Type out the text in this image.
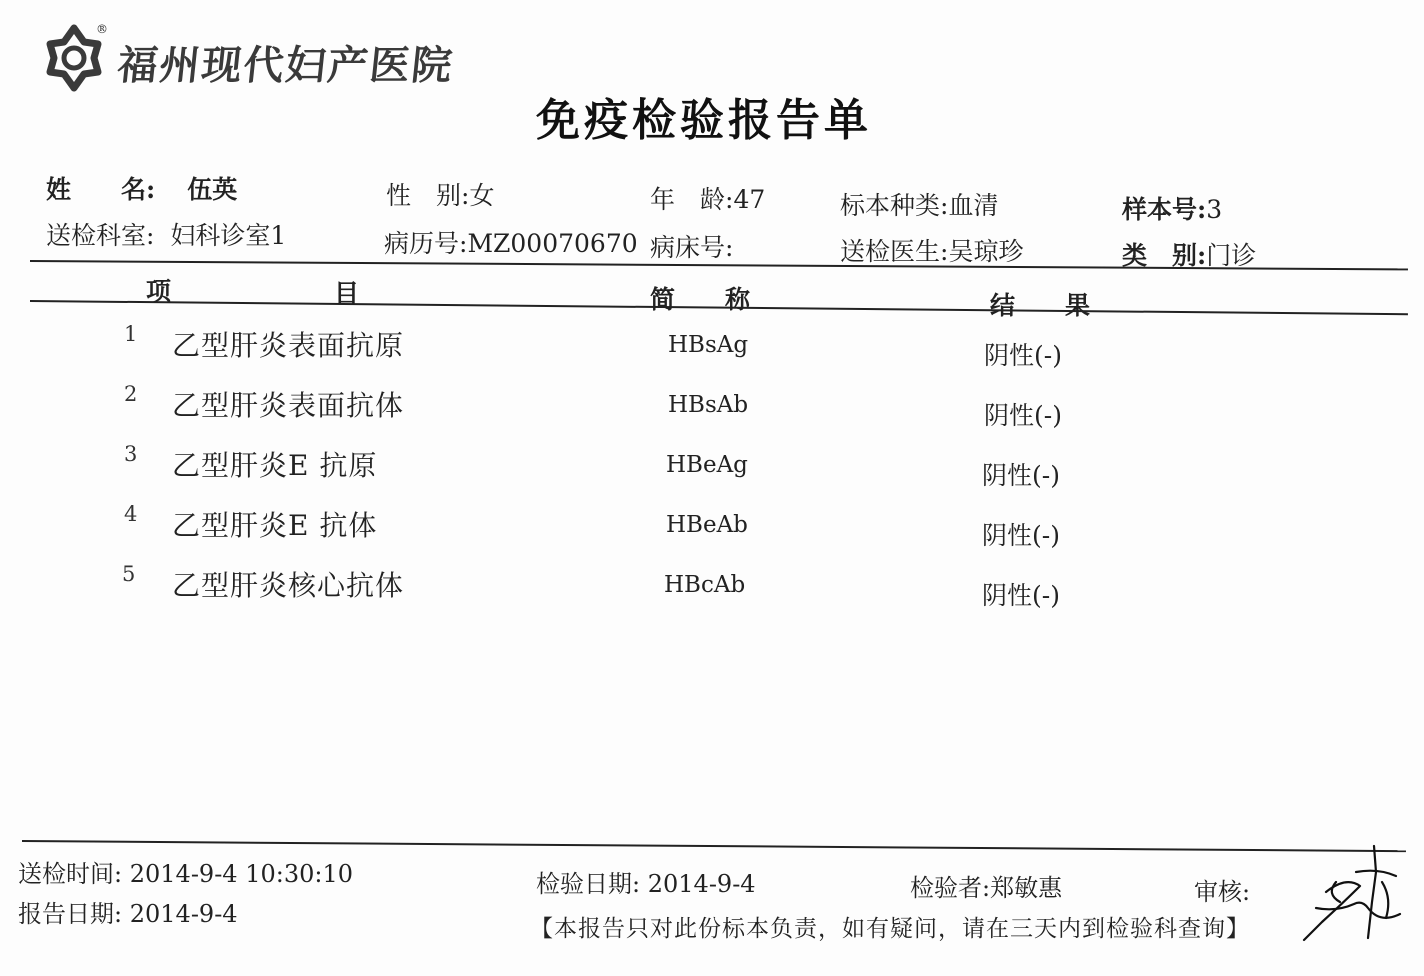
®
福州现代妇产医院
免疫检验报告单
姓　　名: 伍英	性　别:女	年　龄:47	标本种类:血清	样本号:3
送检科室: 妇科诊室1	病历号:MZ00070670 病床号:	送检医生:吴琼珍	类　别:门诊
项	目	简　　称	结　　果
1 乙型肝炎表面抗原	HBsAg	阴性(-)
2 乙型肝炎表面抗体	HBsAb	阴性(-)
3 乙型肝炎E 抗原	HBeAg	阴性(-)
4 乙型肝炎E 抗体	HBeAb	阴性(-)
5 乙型肝炎核心抗体	HBcAb	阴性(-)
送检时间: 2014-9-4 10:30:10
报告日期: 2014-9-4
检验日期: 2014-9-4	检验者:郑敏惠	审核:
【本报告只对此份标本负责，如有疑问，请在三天内到检验科查询】
